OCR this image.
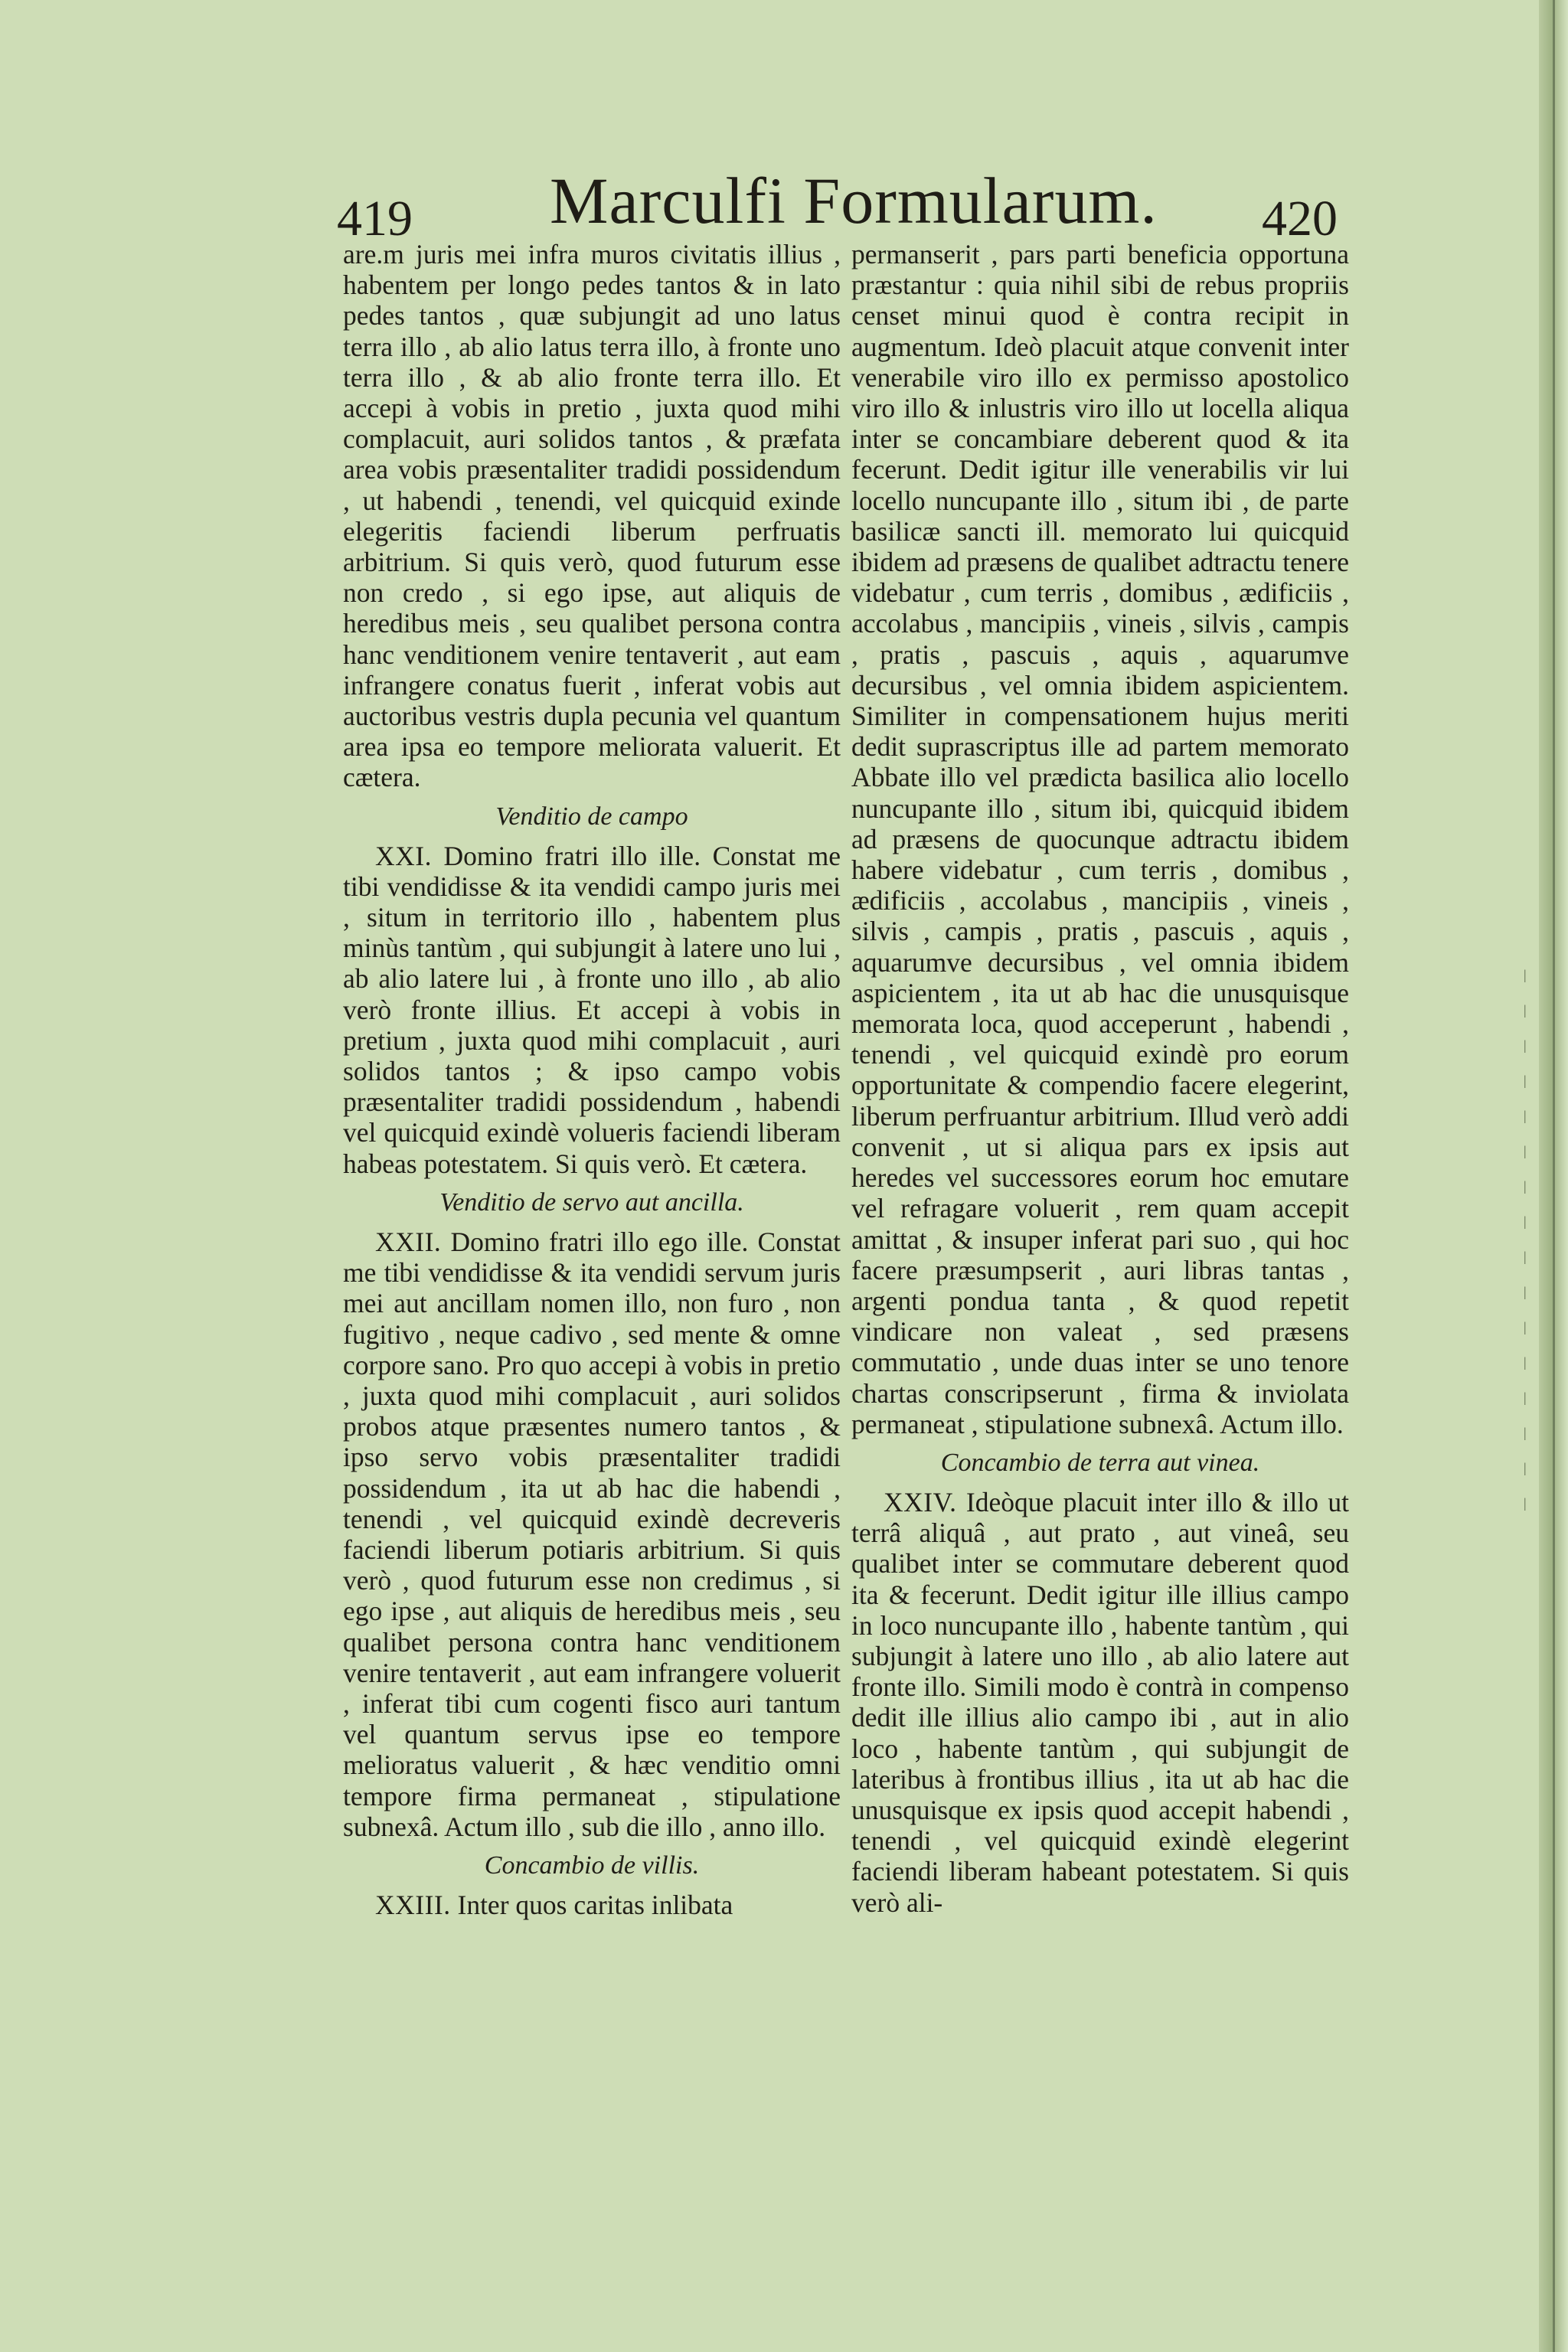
419 Marculfi Formularum. 420

are.m juris mei infra muros civitatis illius , habentem per longo pedes tantos & in lato pedes tantos , quæ subjungit ad uno latus terra illo , ab alio latus terra illo, à fronte uno terra illo , & ab alio fronte terra illo. Et accepi à vobis in pretio , juxta quod mihi complacuit, auri solidos tantos , & præfata area vobis præsentaliter tradidi possidendum , ut habendi , tenendi, vel quicquid exinde elegeritis faciendi liberum perfruatis arbitrium. Si quis verò, quod futurum esse non credo , si ego ipse, aut aliquis de heredibus meis , seu qualibet persona contra hanc venditionem venire tentaverit , aut eam infrangere conatus fuerit , inferat vobis aut auctoribus vestris dupla pecunia vel quantum area ipsa eo tempore meliorata valuerit. Et cætera.

Venditio de campo

XXI. Domino fratri illo ille. Constat me tibi vendidisse & ita vendidi campo juris mei , situm in territorio illo , habentem plus minùs tantùm , qui subjungit à latere uno lui , ab alio latere lui , à fronte uno illo , ab alio verò fronte illius. Et accepi à vobis in pretium , juxta quod mihi complacuit , auri solidos tantos ; & ipso campo vobis præsentaliter tradidi possidendum , habendi vel quicquid exindè volueris faciendi liberam habeas potestatem. Si quis verò. Et cætera.

Venditio de servo aut ancilla.

XXII. Domino fratri illo ego ille. Constat me tibi vendidisse & ita vendidi servum juris mei aut ancillam nomen illo, non furo , non fugitivo , neque cadivo , sed mente & omne corpore sano. Pro quo accepi à vobis in pretio , juxta quod mihi complacuit , auri solidos probos atque præsentes numero tantos , & ipso servo vobis præsentaliter tradidi possidendum , ita ut ab hac die habendi , tenendi , vel quicquid exindè decreveris faciendi liberum potiaris arbitrium. Si quis verò , quod futurum esse non credimus , si ego ipse , aut aliquis de heredibus meis , seu qualibet persona contra hanc venditionem venire tentaverit , aut eam infrangere voluerit , inferat tibi cum cogenti fisco auri tantum vel quantum servus ipse eo tempore melioratus valuerit , & hæc venditio omni tempore firma permaneat , stipulatione subnexâ. Actum illo , sub die illo , anno illo.

Concambio de villis.

XXIII. Inter quos caritas inlibata

permanserit , pars parti beneficia opportuna præstantur : quia nihil sibi de rebus propriis censet minui quod è contra recipit in augmentum. Ideò placuit atque convenit inter venerabile viro illo ex permisso apostolico viro illo & inlustris viro illo ut locella aliqua inter se concambiare deberent quod & ita fecerunt. Dedit igitur ille venerabilis vir lui locello nuncupante illo , situm ibi , de parte basilicæ sancti ill. memorato lui quicquid ibidem ad præsens de qualibet adtractu tenere videbatur , cum terris , domibus , ædificiis , accolabus , mancipiis , vineis , silvis , campis , pratis , pascuis , aquis , aquarumve decursibus , vel omnia ibidem aspicientem. Similiter in compensationem hujus meriti dedit suprascriptus ille ad partem memorato Abbate illo vel prædicta basilica alio locello nuncupante illo , situm ibi, quicquid ibidem ad præsens de quocunque adtractu ibidem habere videbatur , cum terris , domibus , ædificiis , accolabus , mancipiis , vineis , silvis , campis , pratis , pascuis , aquis , aquarumve decursibus , vel omnia ibidem aspicientem , ita ut ab hac die unusquisque memorata loca, quod acceperunt , habendi , tenendi , vel quicquid exindè pro eorum opportunitate & compendio facere elegerint, liberum perfruantur arbitrium. Illud verò addi convenit , ut si aliqua pars ex ipsis aut heredes vel successores eorum hoc emutare vel refragare voluerit , rem quam accepit amittat , & insuper inferat pari suo , qui hoc facere præsumpserit , auri libras tantas , argenti pondua tanta , & quod repetit vindicare non valeat , sed præsens commutatio , unde duas inter se uno tenore chartas conscripserunt , firma & inviolata permaneat , stipulatione subnexâ. Actum illo.

Concambio de terra aut vinea.

XXIV. Ideòque placuit inter illo & illo ut terrâ aliquâ , aut prato , aut vineâ, seu qualibet inter se commutare deberent quod ita & fecerunt. Dedit igitur ille illius campo in loco nuncupante illo , habente tantùm , qui subjungit à latere uno illo , ab alio latere aut fronte illo. Simili modo è contrà in compenso dedit ille illius alio campo ibi , aut in alio loco , habente tantùm , qui subjungit de lateribus à frontibus illius , ita ut ab hac die unusquisque ex ipsis quod accepit habendi , tenendi , vel quicquid exindè elegerint faciendi liberam habeant potestatem. Si quis verò ali-

|
|
|
|
|
|
|
|
|
|
|
|
|
|
|
|
